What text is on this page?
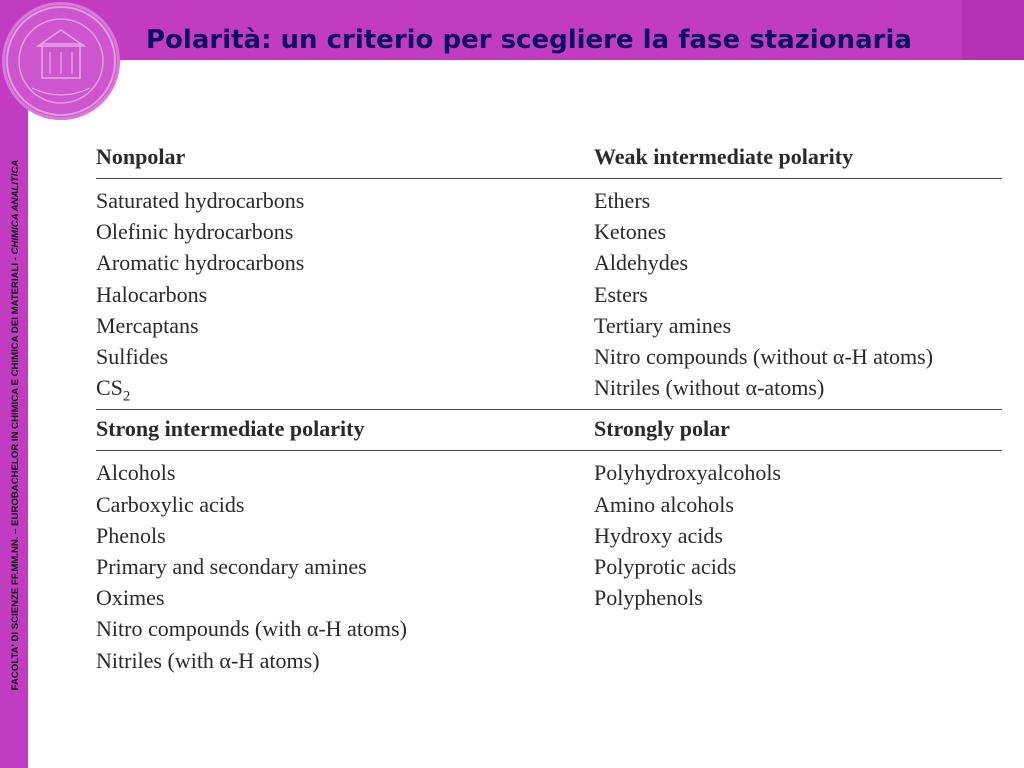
Polarità: un criterio per scegliere la fase stazionaria
FACOLTA' DI SCIENZE FF.MM.NN. – EUROBACHELOR IN CHIMICA E CHIMICA DEI MATERIALI - CHIMICA ANALITICA
Nonpolar	Weak intermediate polarity
Saturated hydrocarbons
Olefinic hydrocarbons
Aromatic hydrocarbons
Halocarbons
Mercaptans
Sulfides
$CS_2$
Ethers
Ketones
Aldehydes
Esters
Tertiary amines
Nitro compounds (without α-H atoms)
Nitriles (without α-atoms)
Strong intermediate polarity	Strongly polar
Alcohols
Carboxylic acids
Phenols
Primary and secondary amines
Oximes
Nitro compounds (with α-H atoms)
Nitriles (with α-H atoms)
Polyhydroxyalcohols
Amino alcohols
Hydroxy acids
Polyprotic acids
Polyphenols
